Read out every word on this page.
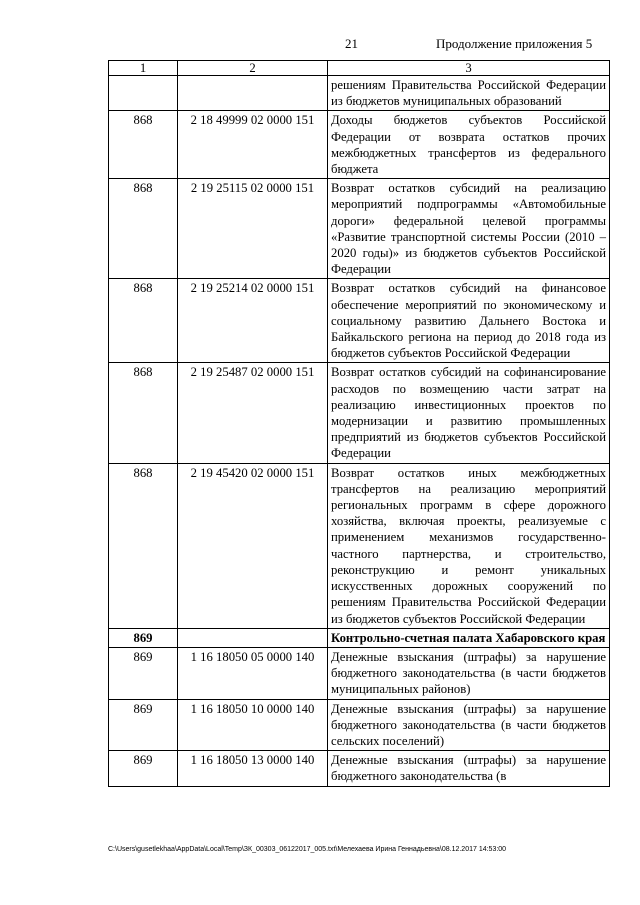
21	Продолжение приложения 5
1	2	3
		решениям Правительства Российской Федерации из бюджетов муниципальных образований
868	2 18 49999 02 0000 151	Доходы бюджетов субъектов Российской Федерации от возврата остатков прочих межбюджетных трансфертов из федерального бюджета
868	2 19 25115 02 0000 151	Возврат остатков субсидий на реализацию мероприятий подпрограммы «Автомобильные дороги» федеральной целевой программы «Развитие транспортной системы России (2010 – 2020 годы)» из бюджетов субъектов Российской Федерации
868	2 19 25214 02 0000 151	Возврат остатков субсидий на финансовое обеспечение мероприятий по экономическому и социальному развитию Дальнего Востока и Байкальского региона на период до 2018 года из бюджетов субъектов Российской Федерации
868	2 19 25487 02 0000 151	Возврат остатков субсидий на софинансирование расходов по возмещению части затрат на реализацию инвестиционных проектов по модернизации и развитию промышленных предприятий из бюджетов субъектов Российской Федерации
868	2 19 45420 02 0000 151	Возврат остатков иных межбюджетных трансфертов на реализацию мероприятий региональных программ в сфере дорожного хозяйства, включая проекты, реализуемые с применением механизмов государственно-частного партнерства, и строительство, реконструкцию и ремонт уникальных искусственных дорожных сооружений по решениям Правительства Российской Федерации из бюджетов субъектов Российской Федерации
869		Контрольно-счетная палата Хабаровского края
869	1 16 18050 05 0000 140	Денежные взыскания (штрафы) за нарушение бюджетного законодательства (в части бюджетов муниципальных районов)
869	1 16 18050 10 0000 140	Денежные взыскания (штрафы) за нарушение бюджетного законодательства (в части бюджетов сельских поселений)
869	1 16 18050 13 0000 140	Денежные взыскания (штрафы) за нарушение бюджетного законодательства (в
C:\Users\gusetlekhaa\AppData\Local\Temp\ЗК_00303_06122017_005.txt\Мелехаева Ирина Геннадьевна\08.12.2017 14:53:00
